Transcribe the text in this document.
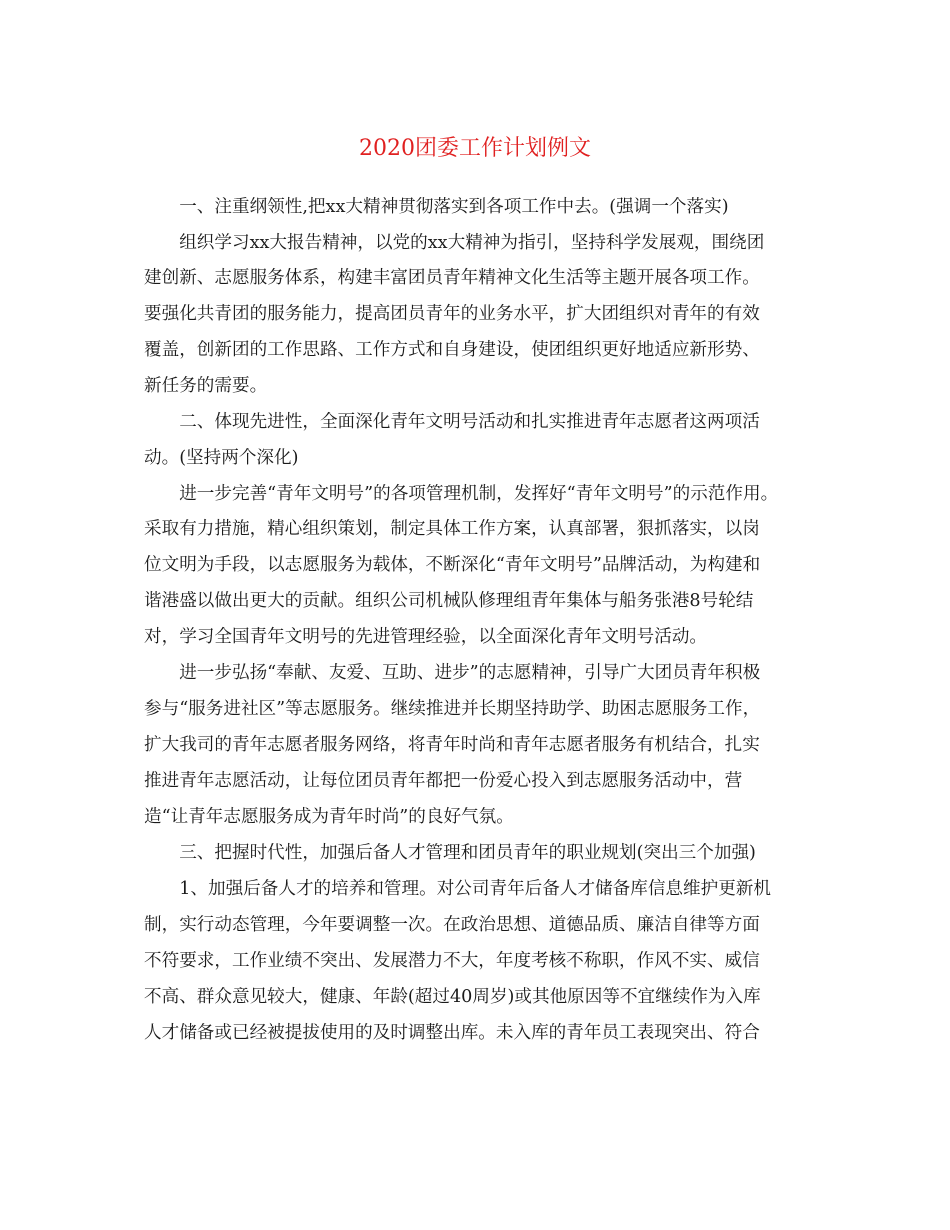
2020团委工作计划例文
　　一、注重纲领性,把xx大精神贯彻落实到各项工作中去。(强调一个落实)
　　组织学习xx大报告精神，以党的xx大精神为指引，坚持科学发展观，围绕团
建创新、志愿服务体系，构建丰富团员青年精神文化生活等主题开展各项工作。
要强化共青团的服务能力，提高团员青年的业务水平，扩大团组织对青年的有效
覆盖，创新团的工作思路、工作方式和自身建设，使团组织更好地适应新形势、
新任务的需要。
　　二、体现先进性，全面深化青年文明号活动和扎实推进青年志愿者这两项活
动。(坚持两个深化)
　　进一步完善“青年文明号”的各项管理机制，发挥好“青年文明号”的示范作用。
采取有力措施，精心组织策划，制定具体工作方案，认真部署，狠抓落实，以岗
位文明为手段，以志愿服务为载体，不断深化“青年文明号”品牌活动，为构建和
谐港盛以做出更大的贡献。组织公司机械队修理组青年集体与船务张港8号轮结
对，学习全国青年文明号的先进管理经验，以全面深化青年文明号活动。
　　进一步弘扬“奉献、友爱、互助、进步”的志愿精神，引导广大团员青年积极
参与“服务进社区”等志愿服务。继续推进并长期坚持助学、助困志愿服务工作，
扩大我司的青年志愿者服务网络，将青年时尚和青年志愿者服务有机结合，扎实
推进青年志愿活动，让每位团员青年都把一份爱心投入到志愿服务活动中，营
造“让青年志愿服务成为青年时尚”的良好气氛。
　　三、把握时代性，加强后备人才管理和团员青年的职业规划(突出三个加强)
　　1、加强后备人才的培养和管理。对公司青年后备人才储备库信息维护更新机
制，实行动态管理，今年要调整一次。在政治思想、道德品质、廉洁自律等方面
不符要求，工作业绩不突出、发展潜力不大，年度考核不称职，作风不实、威信
不高、群众意见较大，健康、年龄(超过40周岁)或其他原因等不宜继续作为入库
人才储备或已经被提拔使用的及时调整出库。未入库的青年员工表现突出、符合
